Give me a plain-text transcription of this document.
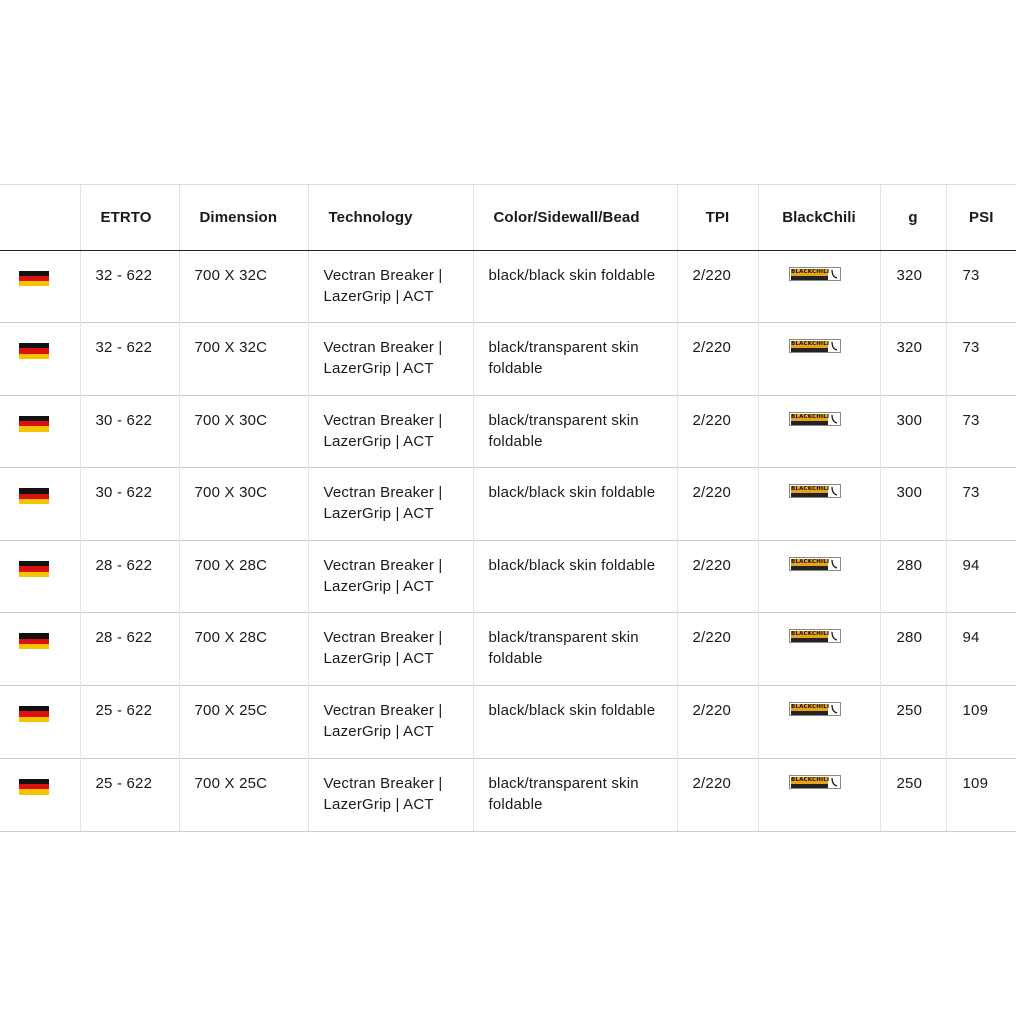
	ETRTO	Dimension	Technology	Color/Sidewall/Bead	TPI	BlackChili	g	PSI

	32 - 622	700 X 32C	Vectran Breaker | LazerGrip | ACT	black/black skin foldable	2/220	BLACKCHILI	320	73

	32 - 622	700 X 32C	Vectran Breaker | LazerGrip | ACT	black/transparent skin foldable	2/220	BLACKCHILI	320	73

	30 - 622	700 X 30C	Vectran Breaker | LazerGrip | ACT	black/transparent skin foldable	2/220	BLACKCHILI	300	73

	30 - 622	700 X 30C	Vectran Breaker | LazerGrip | ACT	black/black skin foldable	2/220	BLACKCHILI	300	73

	28 - 622	700 X 28C	Vectran Breaker | LazerGrip | ACT	black/black skin foldable	2/220	BLACKCHILI	280	94

	28 - 622	700 X 28C	Vectran Breaker | LazerGrip | ACT	black/transparent skin foldable	2/220	BLACKCHILI	280	94

	25 - 622	700 X 25C	Vectran Breaker | LazerGrip | ACT	black/black skin foldable	2/220	BLACKCHILI	250	109

	25 - 622	700 X 25C	Vectran Breaker | LazerGrip | ACT	black/transparent skin foldable	2/220	BLACKCHILI	250	109
